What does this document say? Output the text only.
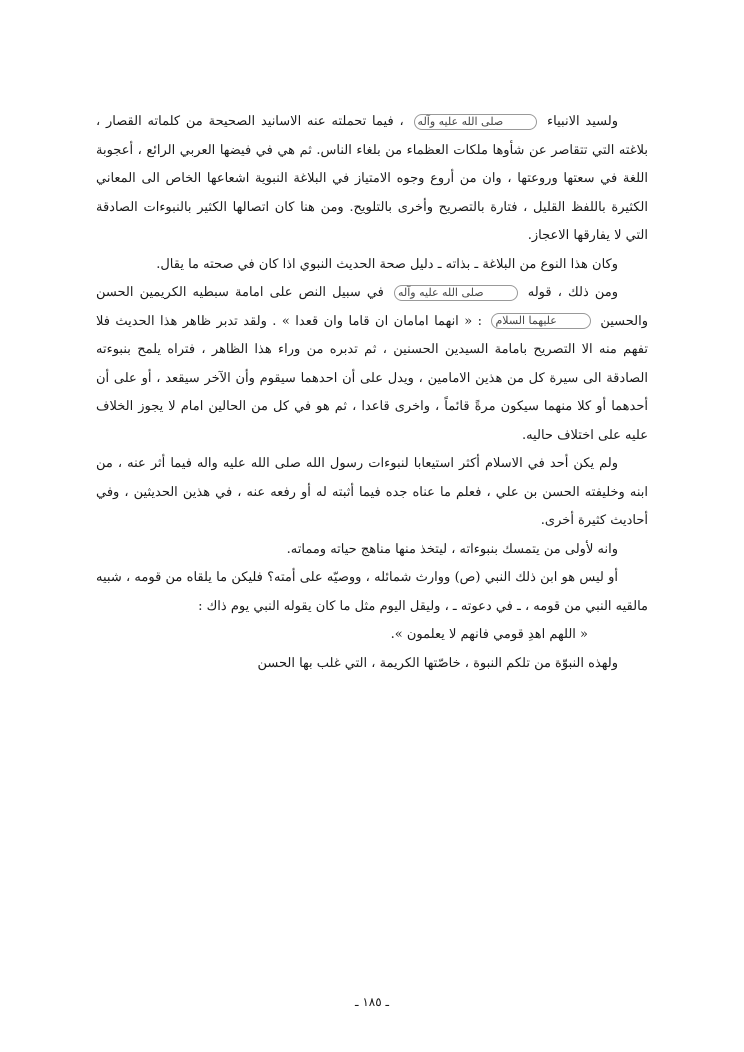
ولسيد الانبياء صلى الله عليه وآله ، فيما تحملته عنه الاسانيد الصحيحة من كلماته القصار ، بلاغته التي تتقاصر عن شأوها ملكات العظماء من بلغاء الناس. ثم هي في فيضها العربي الرائع ، أعجوبة اللغة في سعتها وروعتها ، وان من أروع وجوه الامتياز في البلاغة النبوية اشعاعها الخاص الى المعاني الكثيرة باللفظ القليل ، فتارة بالتصريح وأخرى بالتلويح. ومن هنا كان اتصالها الكثير بالنبوءات الصادقة التي لا يفارقها الاعجاز.

وكان هذا النوع من البلاغة ـ بذاته ـ دليل صحة الحديث النبوي اذا كان في صحته ما يقال.

ومن ذلك ، قوله صلى الله عليه وآله في سبيل النص على امامة سبطيه الكريمين الحسن والحسين عليهما السلام : « انهما امامان ان قاما وان قعدا » . ولقد تدبر ظاهر هذا الحديث فلا تفهم منه الا التصريح بامامة السيدين الحسنين ، ثم تدبره من وراء هذا الظاهر ، فتراه يلمح بنبوءته الصادقة الى سيرة كل من هذين الامامين ، ويدل على أن احدهما سيقوم وأن الآخر سيقعد ، أو على أن أحدهما أو كلا منهما سيكون مرةً قائماً ، واخرى قاعدا ، ثم هو في كل من الحالين امام لا يجوز الخلاف عليه على اختلاف حاليه.

ولم يكن أحد في الاسلام أكثر استيعابا لنبوءات رسول الله صلى الله عليه واله فيما أثر عنه ، من ابنه وخليفته الحسن بن علي ، فعلم ما عناه جده فيما أثبته له أو رفعه عنه ، في هذين الحديثين ، وفي أحاديث كثيرة أخرى.

وانه لأولى من يتمسك بنبوءاته ، ليتخذ منها مناهج حياته ومماته.

أو ليس هو ابن ذلك النبي (ص) ووارث شمائله ، ووصيّه على أمته؟ فليكن ما يلقاه من قومه ، شبيه مالقيه النبي من قومه ، ـ في دعوته ـ ، وليقل اليوم مثل ما كان يقوله النبي يوم ذاك :

« اللهم اهدِ قومي فانهم لا يعلمون ».

ولهذه النبوّة من تلكم النبوة ، خاصّتها الكريمة ، التي غلب بها الحسن

ـ ١٨٥ ـ
